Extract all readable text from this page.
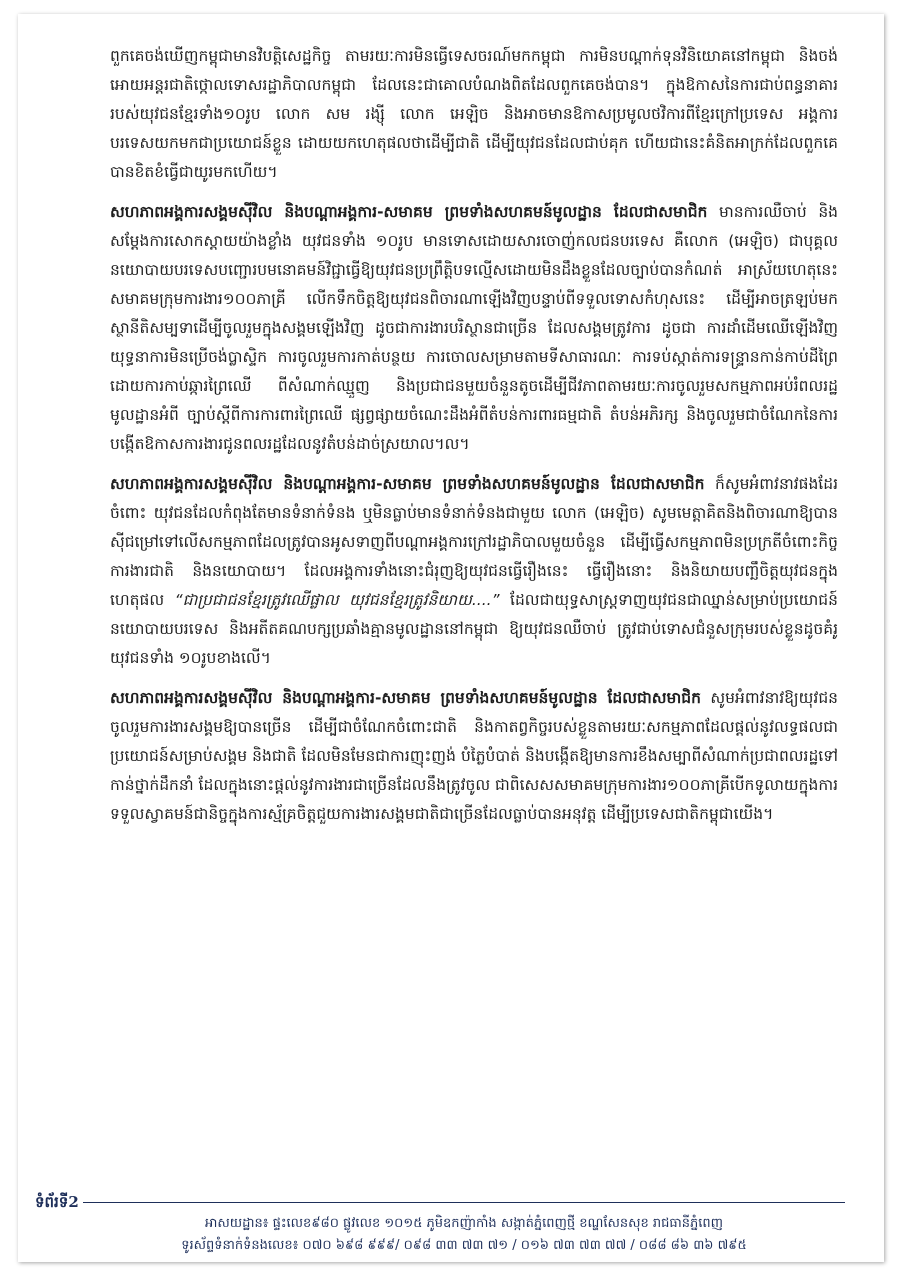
ពួកគេចង់ឃើញកម្ពុជាមានវិបត្តិសេដ្ឋកិច្ច តាមរយៈការមិនធ្វើទេសចរណ៍មកកម្ពុជា ការមិនបណ្ដាក់ទុនវិនិយោគនៅកម្ពុជា និងចង់អោយអន្តរជាតិថ្កោលទោសរដ្ឋាភិបាលកម្ពុជា ដែលនេះជាគោលបំណងពិតដែលពួកគេចង់បាន។ ក្នុងឱកាសនៃការជាប់ពន្ធនាគាររបស់យុវជនខ្មែរទាំង១០រូប លោក សម រង្ស៊ី លោក អេឡិច និងអាចមានឱកាសប្រមូលថវិការពីខ្មែរក្រៅប្រទេស អង្គការបរទេសយកមកជាប្រយោជន៍ខ្លួន ដោយយកហេតុផលថាដើម្បីជាតិ ដើម្បីយុវជនដែលជាប់គុក ហើយជានេះគំនិតអាក្រក់ដែលពួកគេបានខិតខំធ្វើជាយូរមកហើយ។

សហភាពអង្គការសង្គមស៊ីវិល និងបណ្ដាអង្គការ-សមាគម ព្រមទាំងសហគមន៍មូលដ្ឋាន ដែលជាសមាជិក មានការឈឺចាប់ និងសម្ដែងការសោកស្ដាយយ៉ាងខ្លាំង យុវជនទាំង ១០រូប មានទោសដោយសារចោញ់កលជនបរទេស គឺលោក (អេឡិច) ជាបុគ្គលនយោបាយបរទេសបញ្ជោរបមនោគមន៍វិជ្ជាធ្វើឱ្យយុវជនប្រព្រឹត្តិបទល្មើសដោយមិនដឹងខ្លួនដែលច្បាប់បានកំណត់ អាស្រ័យហេតុនេះ សមាគមក្រុមការងារ១០០ភាគ្រី លើកទឹកចិត្តឱ្យយុវជនពិចារណាឡើងវិញបន្ទាប់ពីទទួលទោសកំហុសនេះ ដើម្បីអាចត្រឡប់មកស្ថានីតិសម្បទាដើម្បីចូលរួមក្នុងសង្គមឡើងវិញ ដូចជាការងារបរិស្ថានជាច្រើន ដែលសង្គមត្រូវការ ដូចជា ការដាំដើមឈើឡើងវិញ យុទ្ធនាការមិនប្រើចង់ប្លាស្ទិក ការចូលរួមការកាត់បន្ថយ ការចោលសម្រាមតាមទីសាធារណៈ ការទប់ស្កាត់ការទន្រ្ទានកាន់កាប់ដីព្រៃដោយការកាប់ឆ្ការព្រៃឈើ ពីសំណាក់ឈ្មួញ និងប្រជាជនមួយចំនួនតូចដើម្បីជីវភាពតាមរយៈការចូលរួមសកម្មភាពអប់រំពលរដ្ឋមូលដ្ឋានអំពី ច្បាប់ស្ដីពីការការពារព្រៃឈើ ផ្សព្វផ្សាយចំណេះដឹងអំពីតំបន់ការពារធម្មជាតិ តំបន់អភិរក្ស និងចូលរួមជាចំណែកនៃការបង្កើតឱកាសការងារជូនពលរដ្ឋដែលនូវតំបន់ដាច់ស្រយាល។ល។

សហភាពអង្គការសង្គមស៊ីវិល និងបណ្ដាអង្គការ-សមាគម ព្រមទាំងសហគមន៍មូលដ្ឋាន ដែលជាសមាជិក ក៏សូមអំពាវនាវផងដែរចំពោះ យុវជនដែលកំពុងតែមានទំនាក់ទំនង ឬមិនធ្លាប់មានទំនាក់ទំនងជាមួយ លោក (អេឡិច) សូមមេត្តាគិតនិងពិចារណាឱ្យបានស៊ីជម្រៅទៅលើសកម្មភាពដែលត្រូវបានអូសទាញពីបណ្ដាអង្គការក្រៅរដ្ឋាភិបាលមួយចំនួន ដើម្បីធ្វើសកម្មភាពមិនប្រក្រតីចំពោះកិច្ចការងារជាតិ និងនយោបាយ។ ដែលអង្គការទាំងនោះជំរុញឱ្យយុវជនធ្វើរឿងនេះ ធ្វើរឿងនោះ និងនិយាយបញ្ឆឹចិត្តយុវជនក្នុងហេតុផល “ជាប្រជាជនខ្មែរត្រូវឈើផ្លាល យុវជនខ្មែរត្រូវនិយាយ....” ដែលជាយុទ្ធសាស្ត្រទាញយុវជនជាឈ្នាន់សម្រាប់ប្រយោជន៍នយោបាយបរទេស និងអតីតគណបក្សប្រឆាំងគ្មានមូលដ្ឋាននៅកម្ពុជា ឱ្យយុវជនឈឺចាប់ ត្រូវជាប់ទោសជំនួសក្រុមរបស់ខ្លួនដូចគំរូយុវជនទាំង ១០រូបខាងលើ។

សហភាពអង្គការសង្គមស៊ីវិល និងបណ្ដាអង្គការ-សមាគម ព្រមទាំងសហគមន៍មូលដ្ឋាន ដែលជាសមាជិក សូមអំពាវនាវឱ្យយុវជនចូលរួមការងារសង្គមឱ្យបានច្រើន ដើម្បីជាចំណែកចំពោះជាតិ និងកាតព្វកិច្ចរបស់ខ្លួនតាមរយៈសកម្មភាពដែលផ្ដល់នូវលទ្ធផលជាប្រយោជន៍សម្រាប់សង្គម និងជាតិ ដែលមិនមែនជាការញុះញង់ បំភ្លៃបំបាត់ និងបង្កើតឱ្យមានការខឹងសម្បាពីសំណាក់ប្រជាពលរដ្ឋទៅកាន់ថ្នាក់ដឹកនាំ ដែលក្នុងនោះផ្ដល់នូវការងារជាច្រើនដែលនឹងត្រូវចូល ជាពិសេសសមាគមក្រុមការងារ១០០ភាគ្រីបើកទូលាយក្នុងការទទួលស្វាគមន៍ជានិច្ចក្នុងការស្ម័គ្រចិត្តជួយការងារសង្គមជាតិជាច្រើនដែលធ្លាប់បានអនុវត្ត ដើម្បីប្រទេសជាតិកម្ពុជាយើង។

ទំព័រទី2
អាសយដ្ឋាន៖ ផ្ទះលេខ៩៨០ ផ្លូវលេខ ១០១៥ ភូមិឧកញ៉ាកាំង សង្កាត់ភ្នំពេញថ្មី ខណ្ឌសែនសុខ រាជធានីភ្នំពេញ
ទូរស័ព្ទទំនាក់ទំនងលេខ៖ ០៧០ ៦៩៨ ៩៩៩/ ០៩៨ ៣៣ ៧៣ ៧១ / ០១៦ ៧៣ ៧៣ ៧៧ / ០៨៨ ៨៦ ៣៦ ៧៩៥
